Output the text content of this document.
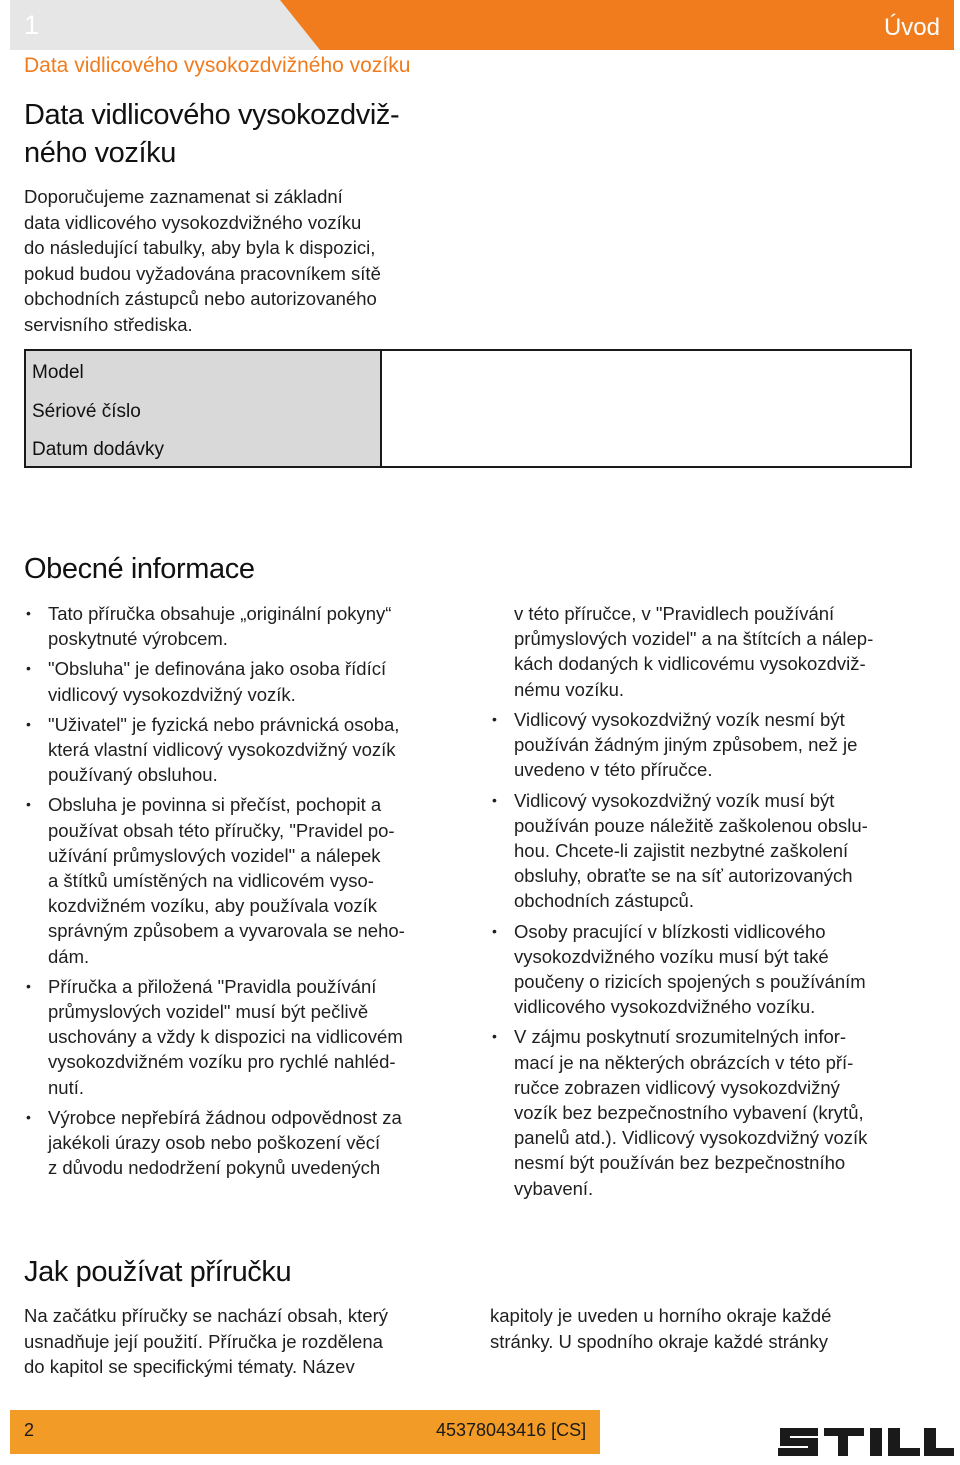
1	Úvod
Data vidlicového vysokozdvižného vozíku
Data vidlicového vysokozdviž-
ného vozíku
Doporučujeme zaznamenat si základní
data vidlicového vysokozdvižného vozíku
do následující tabulky, aby byla k dispozici,
pokud budou vyžadována pracovníkem sítě
obchodních zástupců nebo autorizovaného
servisního střediska.
Model
Sériové číslo
Datum dodávky
Obecné informace
• Tato příručka obsahuje „originální pokyny“
poskytnuté výrobcem.
• "Obsluha" je definována jako osoba řídící
vidlicový vysokozdvižný vozík.
• "Uživatel" je fyzická nebo právnická osoba,
která vlastní vidlicový vysokozdvižný vozík
používaný obsluhou.
• Obsluha je povinna si přečíst, pochopit a
používat obsah této příručky, "Pravidel po-
užívání průmyslových vozidel" a nálepek
a štítků umístěných na vidlicovém vyso-
kozdvižném vozíku, aby používala vozík
správným způsobem a vyvarovala se neho-
dám.
• Příručka a přiložená "Pravidla používání
průmyslových vozidel" musí být pečlivě
uschovány a vždy k dispozici na vidlicovém
vysokozdvižném vozíku pro rychlé nahléd-
nutí.
• Výrobce nepřebírá žádnou odpovědnost za
jakékoli úrazy osob nebo poškození věcí
z důvodu nedodržení pokynů uvedených
v této příručce, v "Pravidlech používání
průmyslových vozidel" a na štítcích a nálep-
kách dodaných k vidlicovému vysokozdviž-
nému vozíku.
• Vidlicový vysokozdvižný vozík nesmí být
používán žádným jiným způsobem, než je
uvedeno v této příručce.
• Vidlicový vysokozdvižný vozík musí být
používán pouze náležitě zaškolenou obslu-
hou. Chcete-li zajistit nezbytné zaškolení
obsluhy, obraťte se na síť autorizovaných
obchodních zástupců.
• Osoby pracující v blízkosti vidlicového
vysokozdvižného vozíku musí být také
poučeny o rizicích spojených s používáním
vidlicového vysokozdvižného vozíku.
• V zájmu poskytnutí srozumitelných infor-
mací je na některých obrázcích v této pří-
ručce zobrazen vidlicový vysokozdvižný
vozík bez bezpečnostního vybavení (krytů,
panelů atd.). Vidlicový vysokozdvižný vozík
nesmí být používán bez bezpečnostního
vybavení.
Jak používat příručku
Na začátku příručky se nachází obsah, který
usnadňuje její použití. Příručka je rozdělena
do kapitol se specifickými tématy. Název
kapitoly je uveden u horního okraje každé
stránky. U spodního okraje každé stránky
2	45378043416 [CS]
